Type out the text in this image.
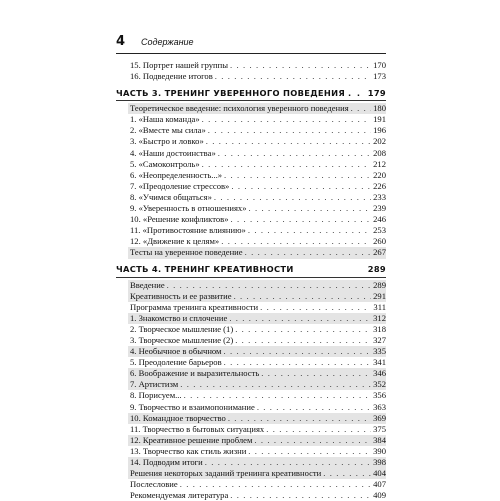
4 Содержание
15. Портрет нашей группы . . .	170
16. Подведение итогов . . .	173
ЧАСТЬ 3. ТРЕНИНГ УВЕРЕННОГО ПОВЕДЕНИЯ . . .	179
Теоретическое введение: психология уверенного поведения . . .	180
1. «Наша команда» . . .	191
2. «Вместе мы сила» . . .	196
3. «Быстро и ловко» . . .	202
4. «Наши достоинства» . . .	208
5. «Самоконтроль» . . .	212
6. «Неопределенность...» . . .	220
7. «Преодоление стрессов» . . .	226
8. «Учимся общаться» . . .	233
9. «Уверенность в отношениях» . . .	239
10. «Решение конфликтов» . . .	246
11. «Противостояние влиянию» . . .	253
12. «Движение к целям» . . .	260
Тесты на уверенное поведение . . .	267
ЧАСТЬ 4. ТРЕНИНГ КРЕАТИВНОСТИ	289
Введение . . .	289
Креативность и ее развитие . . .	291
Программа тренинга креативности . . .	311
1. Знакомство и сплочение . . .	312
2. Творческое мышление (1) . . .	318
3. Творческое мышление (2) . . .	327
4. Необычное в обычном . . .	335
5. Преодоление барьеров . . .	341
6. Воображение и выразительность . . .	346
7. Артистизм . . .	352
8. Порисуем... . . .	356
9. Творчество и взаимопонимание . . .	363
10. Командное творчество . . .	369
11. Творчество в бытовых ситуациях . . .	375
12. Креативное решение проблем . . .	384
13. Творчество как стиль жизни . . .	390
14. Подводим итоги . . .	398
Решения некоторых заданий тренинга креативности . . .	404
Послесловие . . .	407
Рекомендуемая литература . . .	409
